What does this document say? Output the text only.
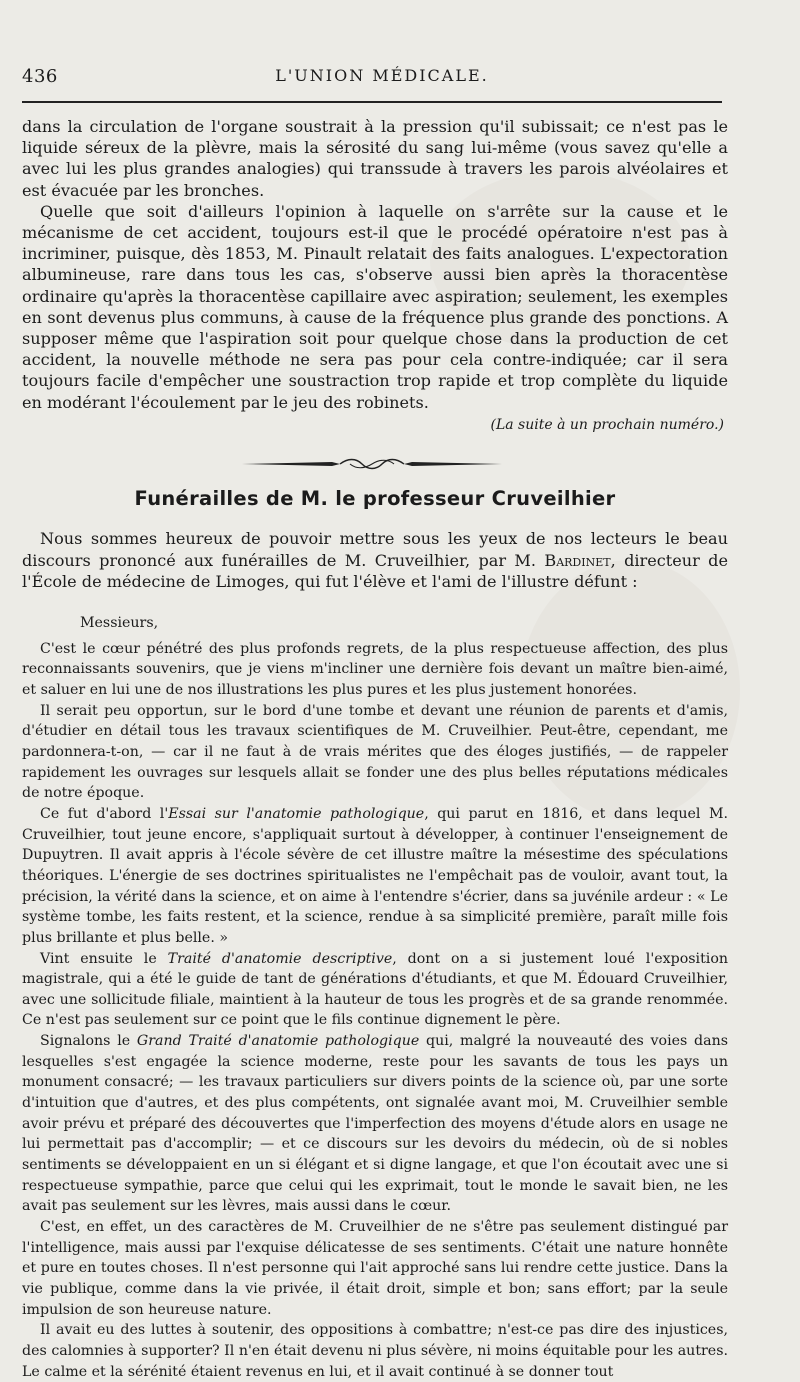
436	L'UNION MÉDICALE.

dans la circulation de l'organe soustrait à la pression qu'il subissait; ce n'est pas le liquide séreux de la plèvre, mais la sérosité du sang lui-même (vous savez qu'elle a avec lui les plus grandes analogies) qui transsude à travers les parois alvéolaires et est évacuée par les bronches.

Quelle que soit d'ailleurs l'opinion à laquelle on s'arrête sur la cause et le mécanisme de cet accident, toujours est-il que le procédé opératoire n'est pas à incriminer, puisque, dès 1853, M. Pinault relatait des faits analogues. L'expectoration albumineuse, rare dans tous les cas, s'observe aussi bien après la thoracentèse ordinaire qu'après la thoracentèse capillaire avec aspiration; seulement, les exemples en sont devenus plus communs, à cause de la fréquence plus grande des ponctions. A supposer même que l'aspiration soit pour quelque chose dans la production de cet accident, la nouvelle méthode ne sera pas pour cela contre-indiquée; car il sera toujours facile d'empêcher une soustraction trop rapide et trop complète du liquide en modérant l'écoulement par le jeu des robinets.

(La suite à un prochain numéro.)

Funérailles de M. le professeur Cruveilhier

Nous sommes heureux de pouvoir mettre sous les yeux de nos lecteurs le beau discours prononcé aux funérailles de M. Cruveilhier, par M. Bardinet, directeur de l'École de médecine de Limoges, qui fut l'élève et l'ami de l'illustre défunt :

Messieurs,

C'est le cœur pénétré des plus profonds regrets, de la plus respectueuse affection, des plus reconnaissants souvenirs, que je viens m'incliner une dernière fois devant un maître bien-aimé, et saluer en lui une de nos illustrations les plus pures et les plus justement honorées.

Il serait peu opportun, sur le bord d'une tombe et devant une réunion de parents et d'amis, d'étudier en détail tous les travaux scientifiques de M. Cruveilhier. Peut-être, cependant, me pardonnera-t-on, — car il ne faut à de vrais mérites que des éloges justifiés, — de rappeler rapidement les ouvrages sur lesquels allait se fonder une des plus belles réputations médicales de notre époque.

Ce fut d'abord l'Essai sur l'anatomie pathologique, qui parut en 1816, et dans lequel M. Cruveilhier, tout jeune encore, s'appliquait surtout à développer, à continuer l'enseignement de Dupuytren. Il avait appris à l'école sévère de cet illustre maître la mésestime des spéculations théoriques. L'énergie de ses doctrines spiritualistes ne l'empêchait pas de vouloir, avant tout, la précision, la vérité dans la science, et on aime à l'entendre s'écrier, dans sa juvénile ardeur : « Le système tombe, les faits restent, et la science, rendue à sa simplicité première, paraît mille fois plus brillante et plus belle. »

Vint ensuite le Traité d'anatomie descriptive, dont on a si justement loué l'exposition magistrale, qui a été le guide de tant de générations d'étudiants, et que M. Édouard Cruveilhier, avec une sollicitude filiale, maintient à la hauteur de tous les progrès et de sa grande renommée. Ce n'est pas seulement sur ce point que le fils continue dignement le père.

Signalons le Grand Traité d'anatomie pathologique qui, malgré la nouveauté des voies dans lesquelles s'est engagée la science moderne, reste pour les savants de tous les pays un monument consacré; — les travaux particuliers sur divers points de la science où, par une sorte d'intuition que d'autres, et des plus compétents, ont signalée avant moi, M. Cruveilhier semble avoir prévu et préparé des découvertes que l'imperfection des moyens d'étude alors en usage ne lui permettait pas d'accomplir; — et ce discours sur les devoirs du médecin, où de si nobles sentiments se développaient en un si élégant et si digne langage, et que l'on écoutait avec une si respectueuse sympathie, parce que celui qui les exprimait, tout le monde le savait bien, ne les avait pas seulement sur les lèvres, mais aussi dans le cœur.

C'est, en effet, un des caractères de M. Cruveilhier de ne s'être pas seulement distingué par l'intelligence, mais aussi par l'exquise délicatesse de ses sentiments. C'était une nature honnête et pure en toutes choses. Il n'est personne qui l'ait approché sans lui rendre cette justice. Dans la vie publique, comme dans la vie privée, il était droit, simple et bon; sans effort; par la seule impulsion de son heureuse nature.

Il avait eu des luttes à soutenir, des oppositions à combattre; n'est-ce pas dire des injustices, des calomnies à supporter? Il n'en était devenu ni plus sévère, ni moins équitable pour les autres. Le calme et la sérénité étaient revenus en lui, et il avait continué à se donner tout
